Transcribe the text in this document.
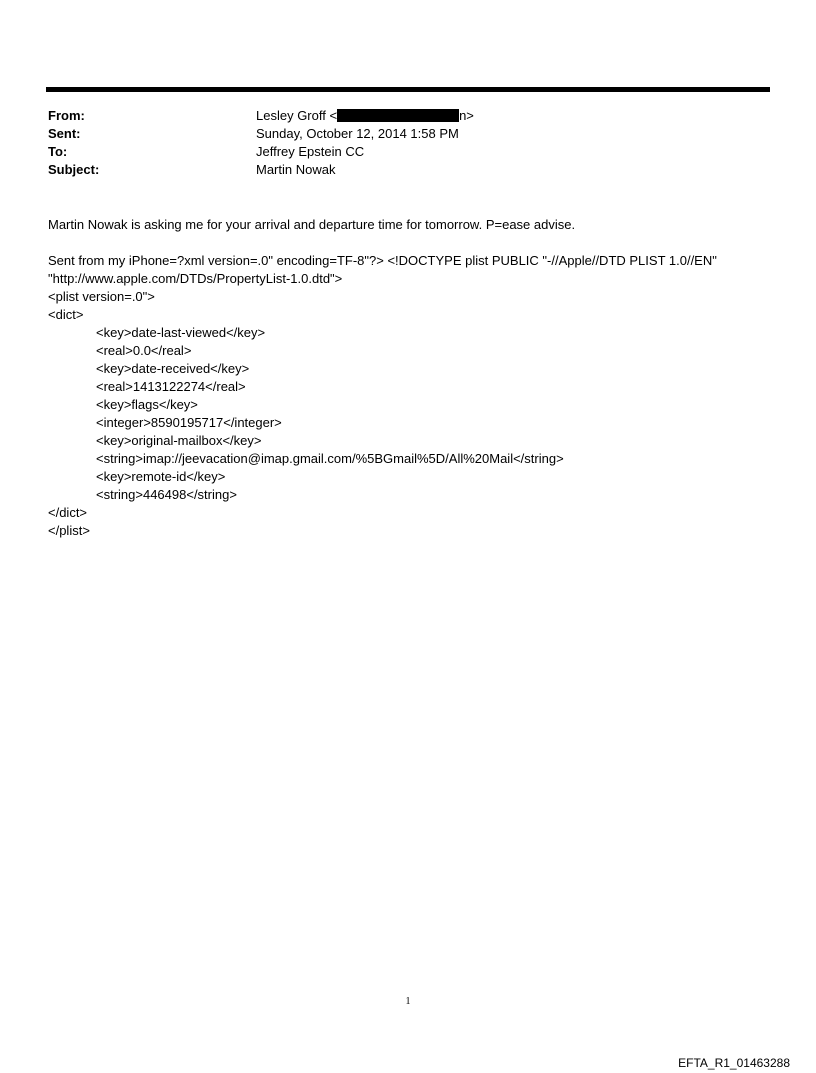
From:	Lesley Groff <	n>
Sent:	Sunday, October 12, 2014 1:58 PM
To:	Jeffrey Epstein CC
Subject:	Martin Nowak
Martin Nowak is asking me for your arrival and departure time for tomorrow. P=ease advise.
Sent from my iPhone=?xml version=.0" encoding=TF-8"?> <!DOCTYPE plist PUBLIC "-//Apple//DTD PLIST 1.0//EN" "http://www.apple.com/DTDs/PropertyList-1.0.dtd">
<plist version=.0">
<dict>
<key>date-last-viewed</key>
<real>0.0</real>
<key>date-received</key>
<real>1413122274</real>
<key>flags</key>
<integer>8590195717</integer>
<key>original-mailbox</key>
<string>imap://jeevacation@imap.gmail.com/%5BGmail%5D/All%20Mail</string>
<key>remote-id</key>
<string>446498</string>
</dict>
</plist>
1
EFTA_R1_01463288
